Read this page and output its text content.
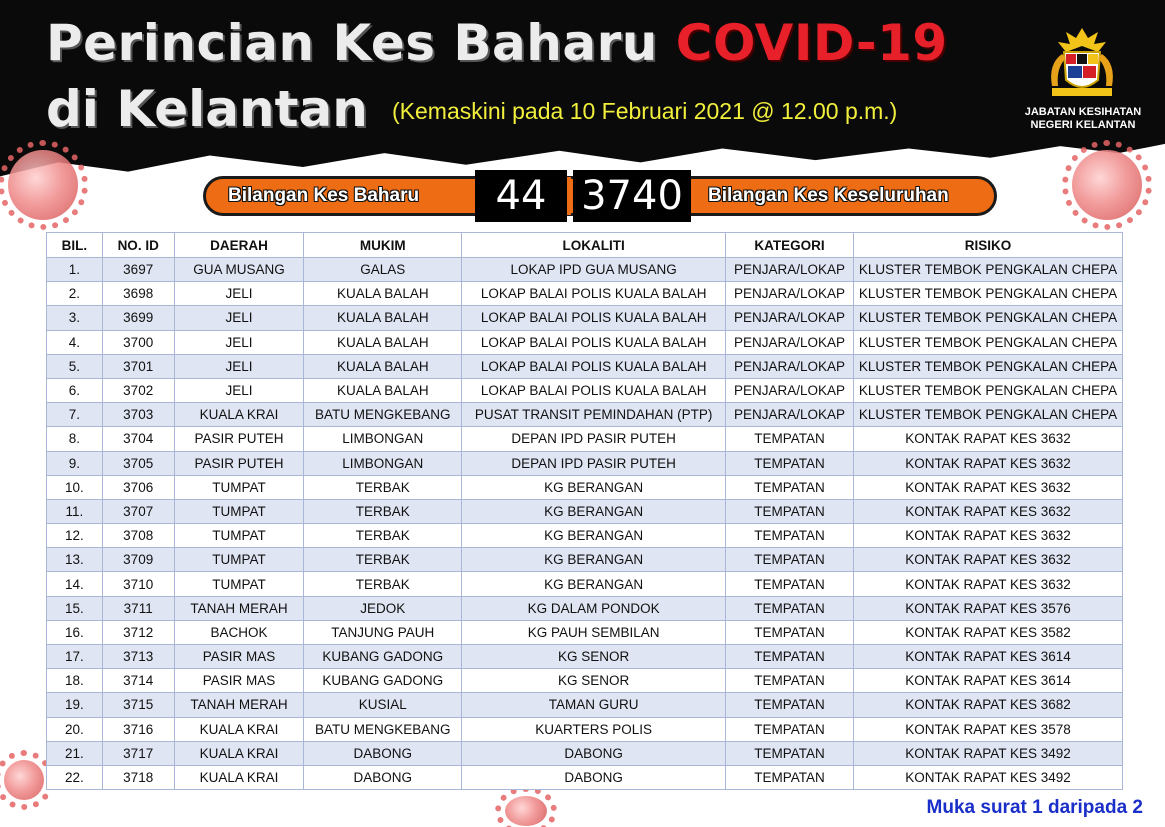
Perincian Kes Baharu COVID-19
di Kelantan (Kemaskini pada 10 Februari 2021 @ 12.00 p.m.)	JABATAN KESIHATAN
NEGERI KELANTAN
Bilangan Kes Baharu	Bilangan Kes Keseluruhan
44 3740
BIL.	NO. ID	DAERAH	MUKIM	LOKALITI	KATEGORI	RISIKO
1.	3697	GUA MUSANG	GALAS	LOKAP IPD GUA MUSANG	PENJARA/LOKAP	KLUSTER TEMBOK PENGKALAN CHEPA
2.	3698	JELI	KUALA BALAH	LOKAP BALAI POLIS KUALA BALAH	PENJARA/LOKAP	KLUSTER TEMBOK PENGKALAN CHEPA
3.	3699	JELI	KUALA BALAH	LOKAP BALAI POLIS KUALA BALAH	PENJARA/LOKAP	KLUSTER TEMBOK PENGKALAN CHEPA
4.	3700	JELI	KUALA BALAH	LOKAP BALAI POLIS KUALA BALAH	PENJARA/LOKAP	KLUSTER TEMBOK PENGKALAN CHEPA
5.	3701	JELI	KUALA BALAH	LOKAP BALAI POLIS KUALA BALAH	PENJARA/LOKAP	KLUSTER TEMBOK PENGKALAN CHEPA
6.	3702	JELI	KUALA BALAH	LOKAP BALAI POLIS KUALA BALAH	PENJARA/LOKAP	KLUSTER TEMBOK PENGKALAN CHEPA
7.	3703	KUALA KRAI	BATU MENGKEBANG	PUSAT TRANSIT PEMINDAHAN (PTP)	PENJARA/LOKAP	KLUSTER TEMBOK PENGKALAN CHEPA
8.	3704	PASIR PUTEH	LIMBONGAN	DEPAN IPD PASIR PUTEH	TEMPATAN	KONTAK RAPAT KES 3632
9.	3705	PASIR PUTEH	LIMBONGAN	DEPAN IPD PASIR PUTEH	TEMPATAN	KONTAK RAPAT KES 3632
10.	3706	TUMPAT	TERBAK	KG BERANGAN	TEMPATAN	KONTAK RAPAT KES 3632
11.	3707	TUMPAT	TERBAK	KG BERANGAN	TEMPATAN	KONTAK RAPAT KES 3632
12.	3708	TUMPAT	TERBAK	KG BERANGAN	TEMPATAN	KONTAK RAPAT KES 3632
13.	3709	TUMPAT	TERBAK	KG BERANGAN	TEMPATAN	KONTAK RAPAT KES 3632
14.	3710	TUMPAT	TERBAK	KG BERANGAN	TEMPATAN	KONTAK RAPAT KES 3632
15.	3711	TANAH MERAH	JEDOK	KG DALAM PONDOK	TEMPATAN	KONTAK RAPAT KES 3576
16.	3712	BACHOK	TANJUNG PAUH	KG PAUH SEMBILAN	TEMPATAN	KONTAK RAPAT KES 3582
17.	3713	PASIR MAS	KUBANG GADONG	KG SENOR	TEMPATAN	KONTAK RAPAT KES 3614
18.	3714	PASIR MAS	KUBANG GADONG	KG SENOR	TEMPATAN	KONTAK RAPAT KES 3614
19.	3715	TANAH MERAH	KUSIAL	TAMAN GURU	TEMPATAN	KONTAK RAPAT KES 3682
20.	3716	KUALA KRAI	BATU MENGKEBANG	KUARTERS POLIS	TEMPATAN	KONTAK RAPAT KES 3578
21.	3717	KUALA KRAI	DABONG	DABONG	TEMPATAN	KONTAK RAPAT KES 3492
22.	3718	KUALA KRAI	DABONG	DABONG	TEMPATAN	KONTAK RAPAT KES 3492
Muka surat 1 daripada 2
